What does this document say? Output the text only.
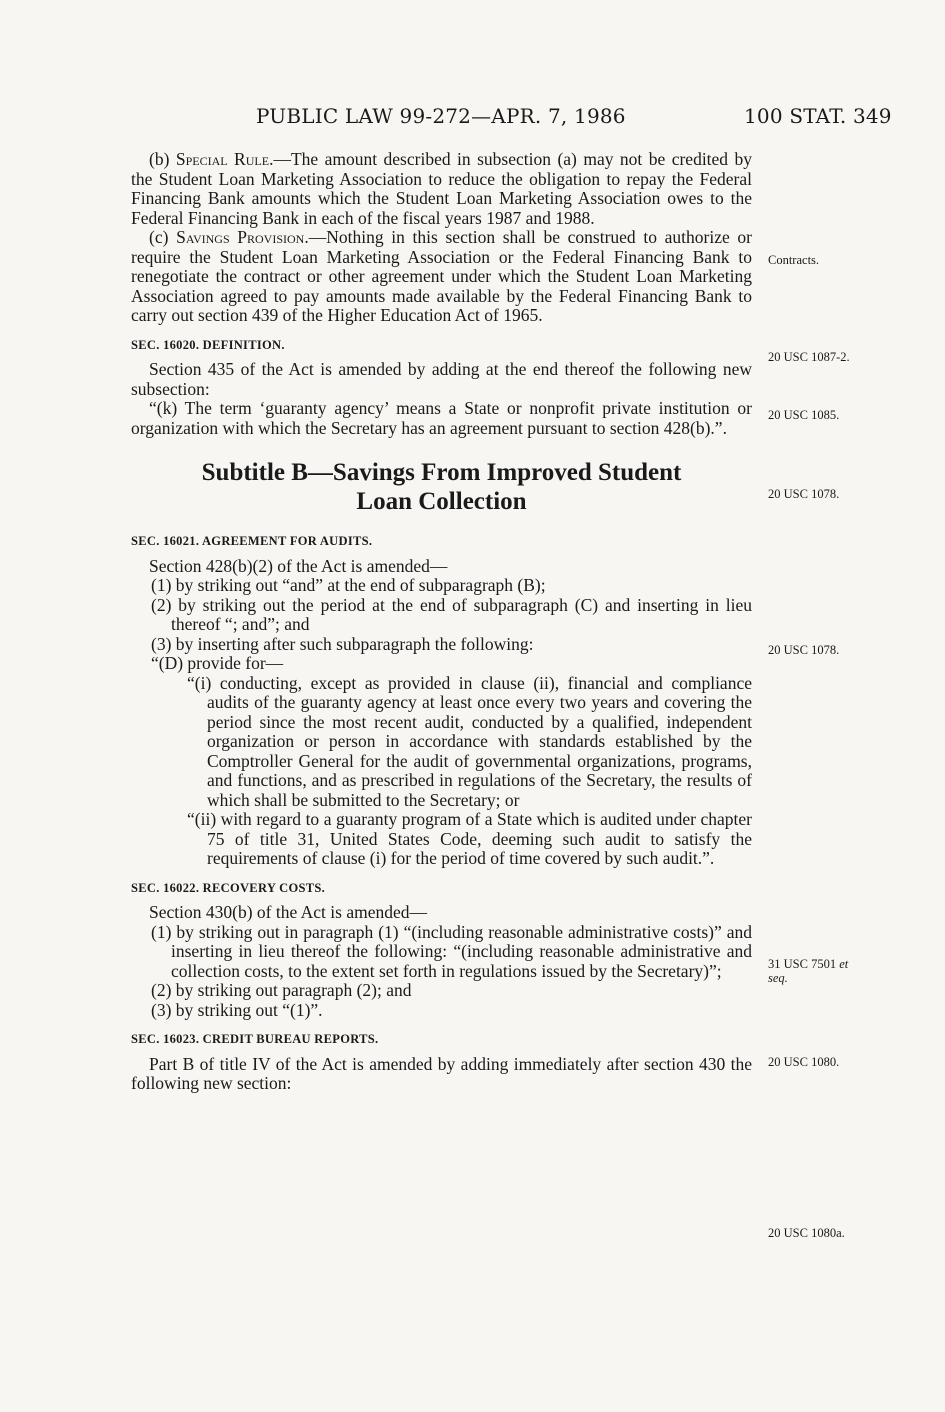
PUBLIC LAW 99-272—APR. 7, 1986	100 STAT. 349

(b) Special Rule.—The amount described in subsection (a) may not be credited by the Student Loan Marketing Association to reduce the obligation to repay the Federal Financing Bank amounts which the Student Loan Marketing Association owes to the Federal Financing Bank in each of the fiscal years 1987 and 1988.

(c) Savings Provision.—Nothing in this section shall be construed to authorize or require the Student Loan Marketing Association or the Federal Financing Bank to renegotiate the contract or other agreement under which the Student Loan Marketing Association agreed to pay amounts made available by the Federal Financing Bank to carry out section 439 of the Higher Education Act of 1965.

SEC. 16020. DEFINITION.

Section 435 of the Act is amended by adding at the end thereof the following new subsection:

“(k) The term ‘guaranty agency’ means a State or nonprofit private institution or organization with which the Secretary has an agreement pursuant to section 428(b).”.

Subtitle B—Savings From Improved Student
Loan Collection
SEC. 16021. AGREEMENT FOR AUDITS.

Section 428(b)(2) of the Act is amended—

(1) by striking out “and” at the end of subparagraph (B);

(2) by striking out the period at the end of subparagraph (C) and inserting in lieu thereof “; and”; and

(3) by inserting after such subparagraph the following:

“(D) provide for—

“(i) conducting, except as provided in clause (ii), financial and compliance audits of the guaranty agency at least once every two years and covering the period since the most recent audit, conducted by a qualified, independent organization or person in accordance with standards established by the Comptroller General for the audit of governmental organizations, programs, and functions, and as prescribed in regulations of the Secretary, the results of which shall be submitted to the Secretary; or

“(ii) with regard to a guaranty program of a State which is audited under chapter 75 of title 31, United States Code, deeming such audit to satisfy the requirements of clause (i) for the period of time covered by such audit.”.

SEC. 16022. RECOVERY COSTS.

Section 430(b) of the Act is amended—

(1) by striking out in paragraph (1) “(including reasonable administrative costs)” and inserting in lieu thereof the following: “(including reasonable administrative and collection costs, to the extent set forth in regulations issued by the Secretary)”;

(2) by striking out paragraph (2); and

(3) by striking out “(1)”.

SEC. 16023. CREDIT BUREAU REPORTS.

Part B of title IV of the Act is amended by adding immediately after section 430 the following new section:

Contracts.
20 USC 1087-2.
20 USC 1085.
20 USC 1078.
20 USC 1078.
31 USC 7501 et
seq.
20 USC 1080.
20 USC 1080a.
